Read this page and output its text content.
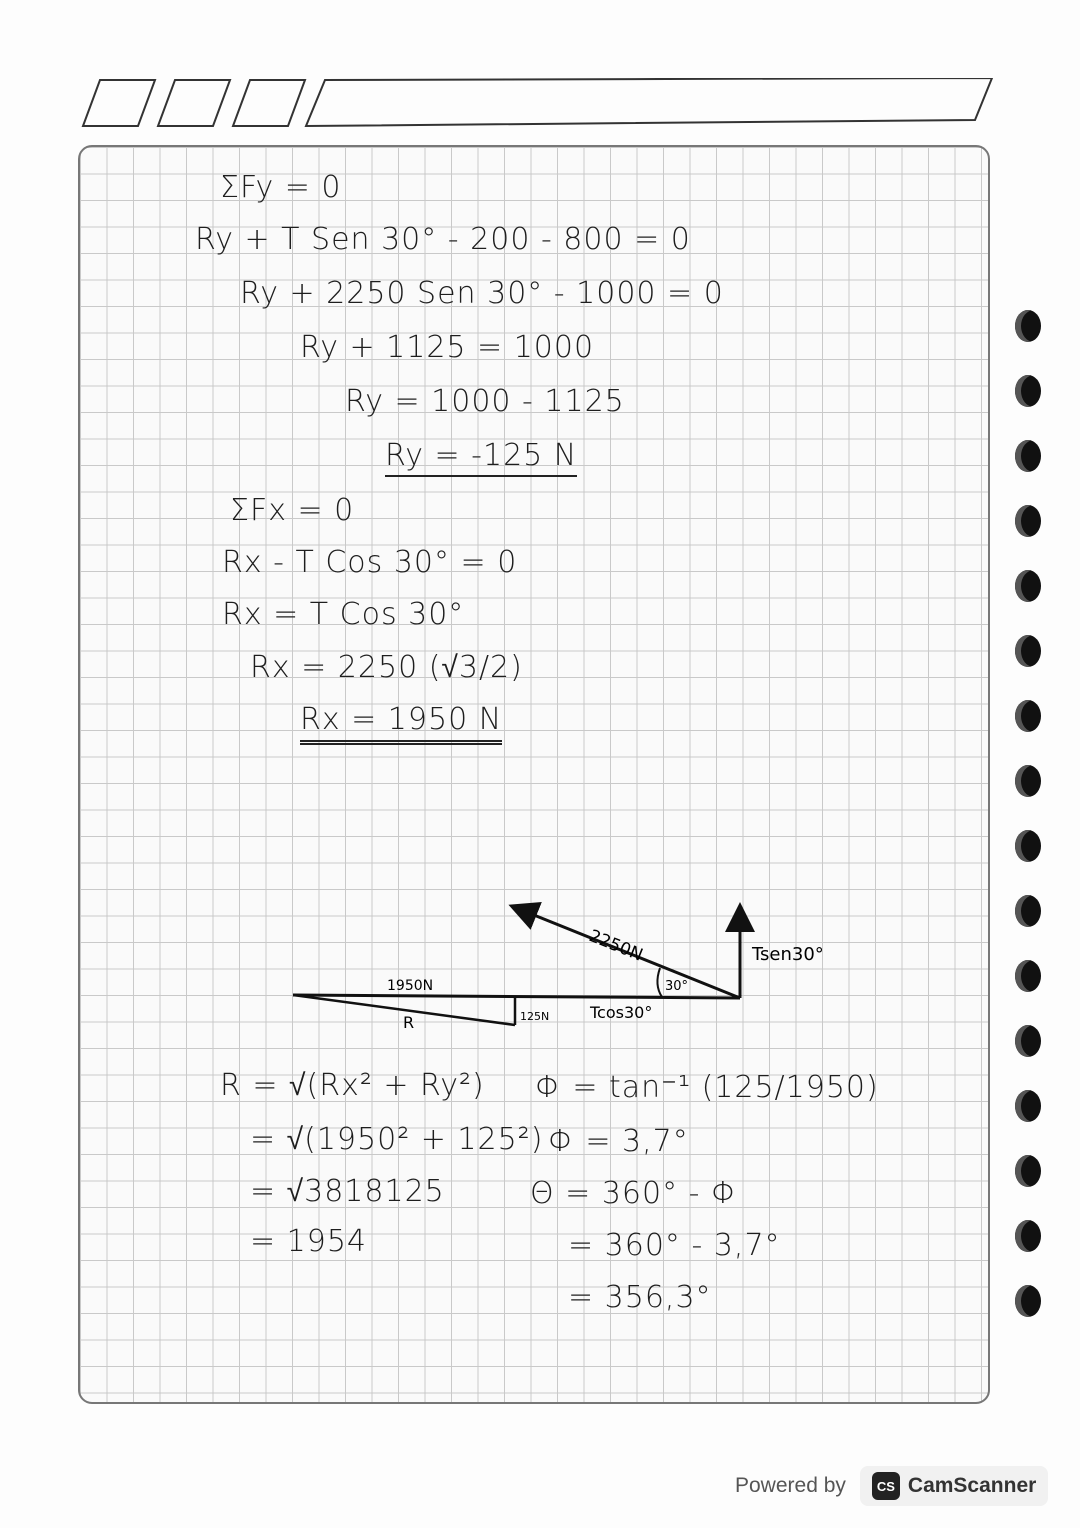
ΣFy = 0
Ry + T Sen 30° - 200 - 800 = 0
Ry + 2250 Sen 30° - 1000 = 0
Ry + 1125 = 1000
Ry = 1000 - 1125
Ry = -125 N
ΣFx = 0
Rx - T Cos 30° = 0
Rx = T Cos 30°
Rx = 2250 (√3/2)
Rx = 1950 N
2250N	Tsen30°
Tcos30°
30°
1950N
R	125N
R = √(Rx² + Ry²)
= √(1950² + 125²)
= √3818125
= 1954
Φ = tan⁻¹ (125/1950)
Φ = 3,7°
Θ = 360° - Φ
= 360° - 3,7°
= 356,3°
Powered by	CS CamScanner
